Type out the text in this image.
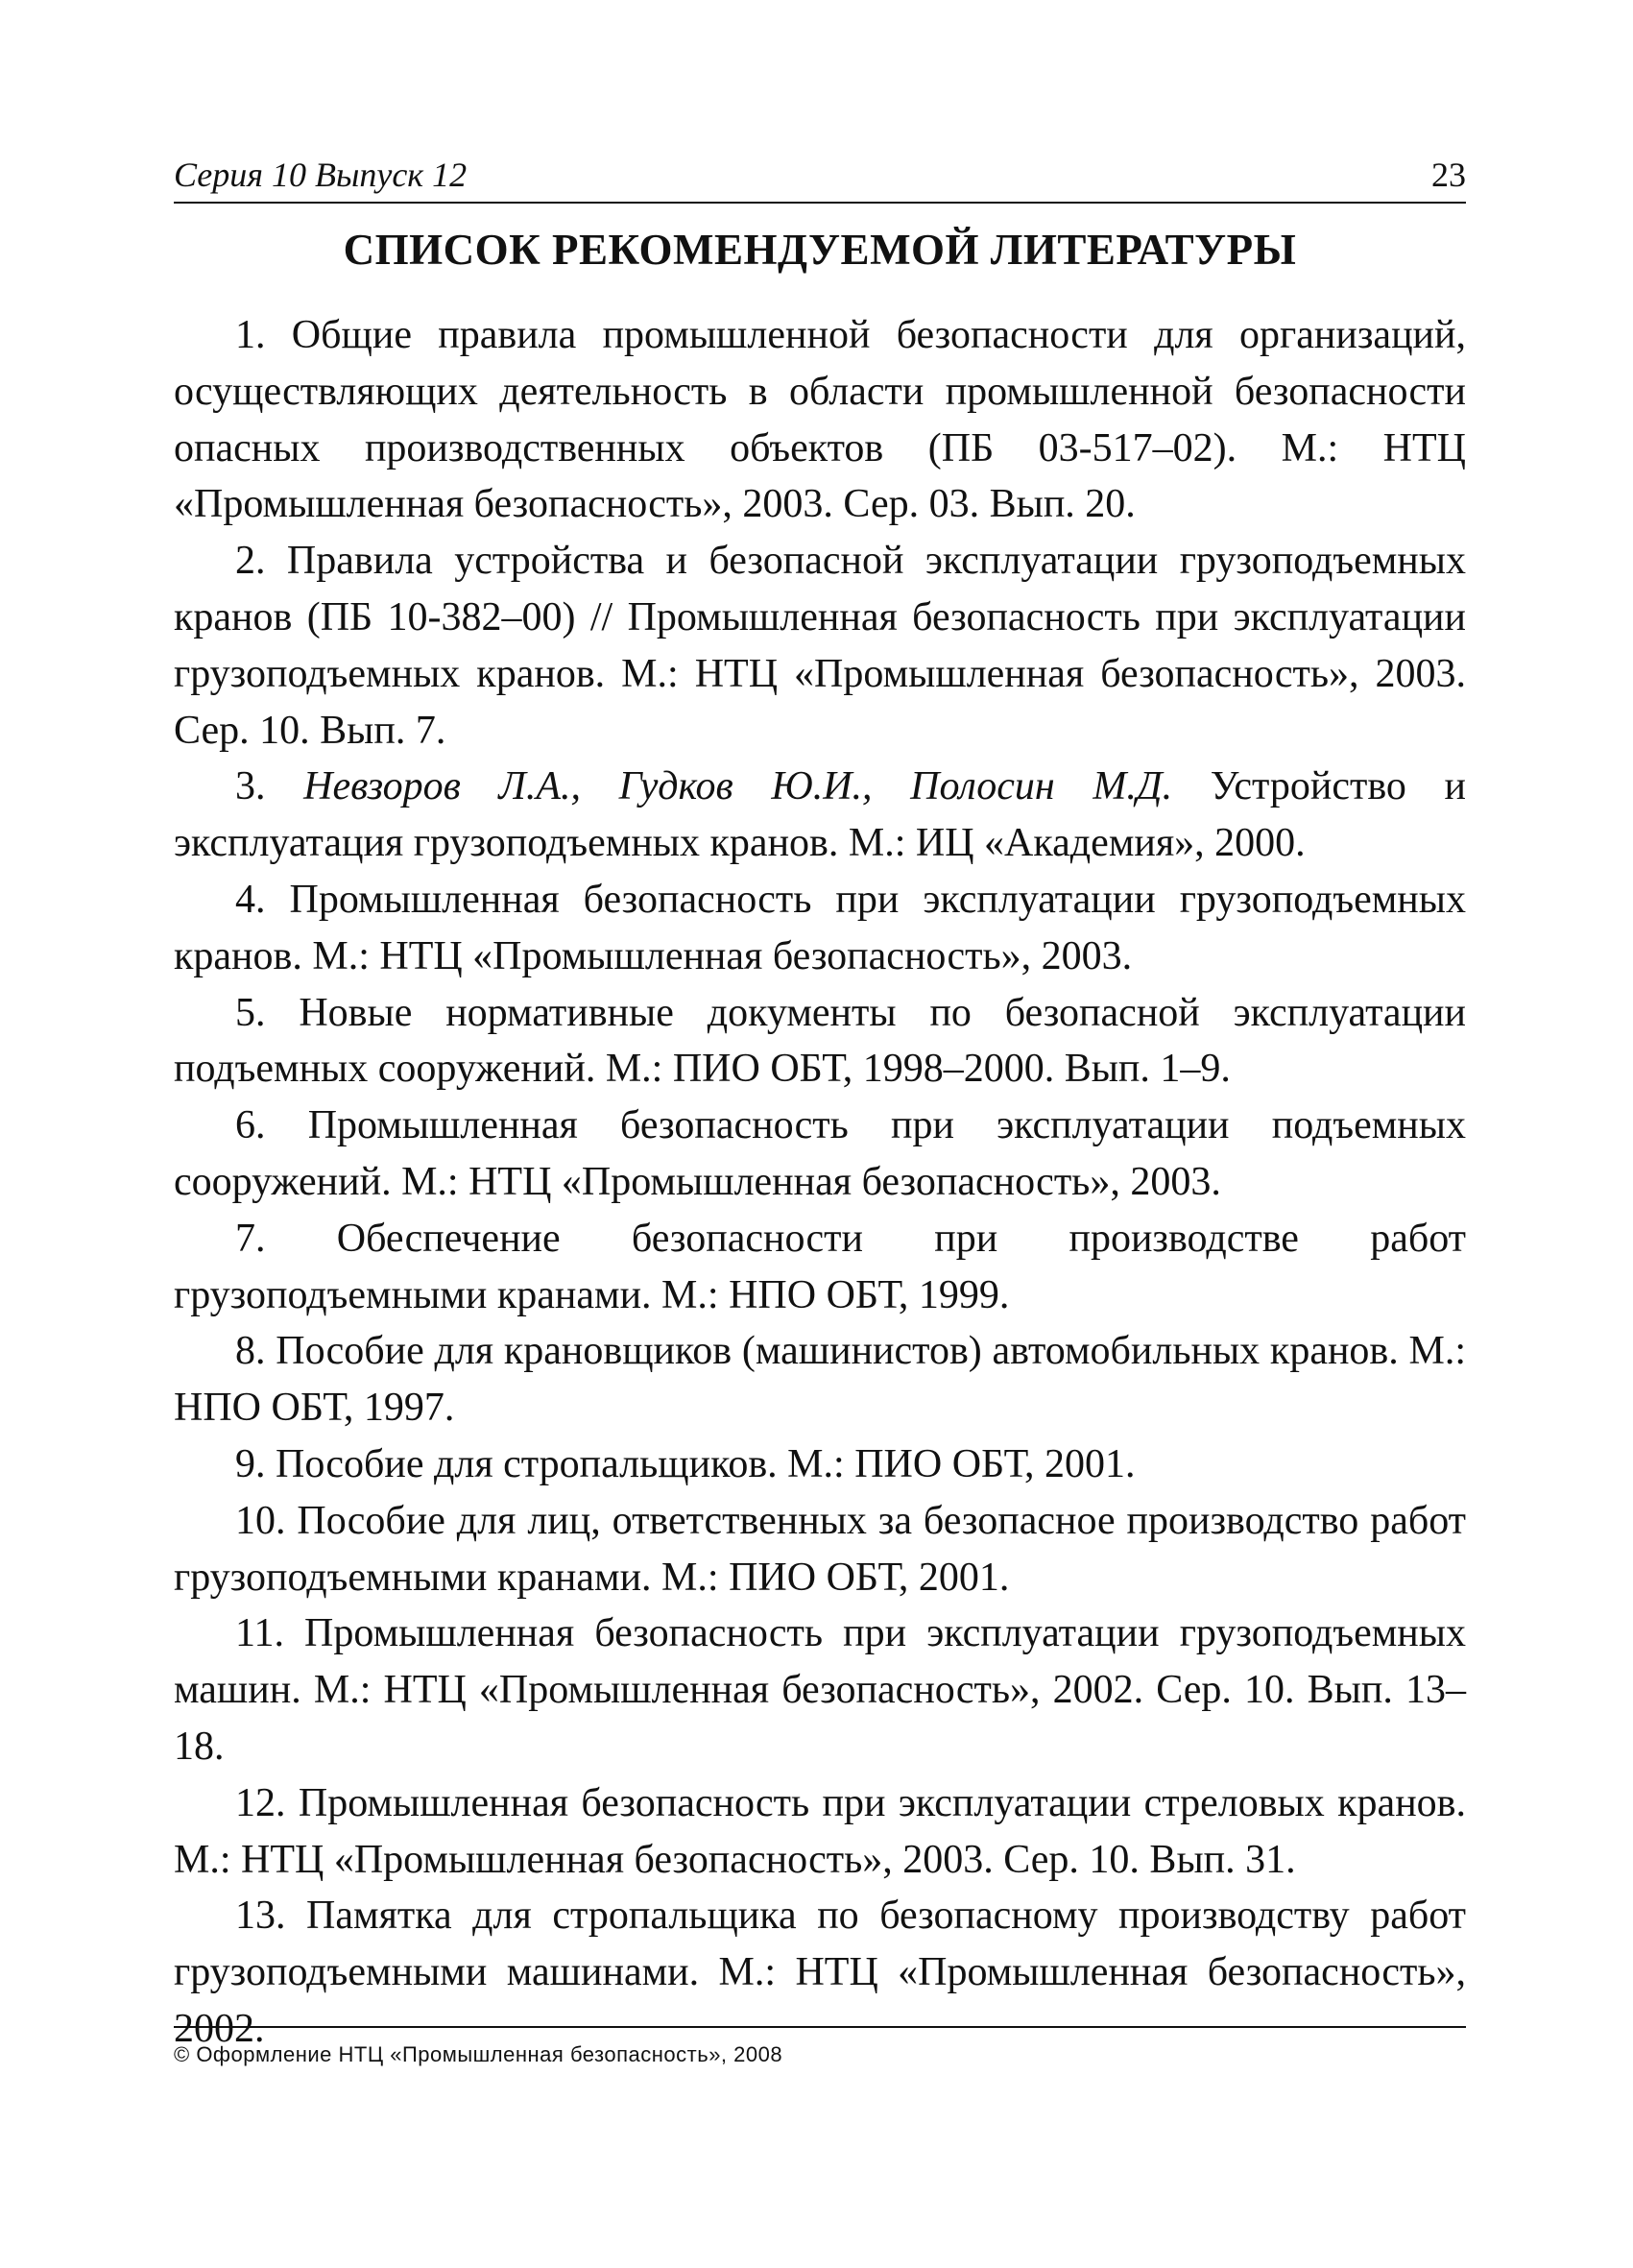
Серия 10 Выпуск 12	23
СПИСОК РЕКОМЕНДУЕМОЙ ЛИТЕРАТУРЫ
1. Общие правила промышленной безопасности для организаций, осуществляющих деятельность в области промышленной безопасности опасных производственных объектов (ПБ 03-517–02). М.: НТЦ «Промышленная безопасность», 2003. Сер. 03. Вып. 20.
2. Правила устройства и безопасной эксплуатации грузоподъемных кранов (ПБ 10-382–00) // Промышленная безопасность при эксплуатации грузоподъемных кранов. М.: НТЦ «Промышленная безопасность», 2003. Сер. 10. Вып. 7.
3. Невзоров Л.А., Гудков Ю.И., Полосин М.Д. Устройство и эксплуатация грузоподъемных кранов. М.: ИЦ «Академия», 2000.
4. Промышленная безопасность при эксплуатации грузоподъемных кранов. М.: НТЦ «Промышленная безопасность», 2003.
5. Новые нормативные документы по безопасной эксплуатации подъемных сооружений. М.: ПИО ОБТ, 1998–2000. Вып. 1–9.
6. Промышленная безопасность при эксплуатации подъемных сооружений. М.: НТЦ «Промышленная безопасность», 2003.
7. Обеспечение безопасности при производстве работ грузоподъемными кранами. М.: НПО ОБТ, 1999.
8. Пособие для крановщиков (машинистов) автомобильных кранов. М.: НПО ОБТ, 1997.
9. Пособие для стропальщиков. М.: ПИО ОБТ, 2001.
10. Пособие для лиц, ответственных за безопасное производство работ грузоподъемными кранами. М.: ПИО ОБТ, 2001.
11. Промышленная безопасность при эксплуатации грузоподъемных машин. М.: НТЦ «Промышленная безопасность», 2002. Сер. 10. Вып. 13–18.
12. Промышленная безопасность при эксплуатации стреловых кранов. М.: НТЦ «Промышленная безопасность», 2003. Сер. 10. Вып. 31.
13. Памятка для стропальщика по безопасному производству работ грузоподъемными машинами. М.: НТЦ «Промышленная безопасность», 2002.
© Оформление НТЦ «Промышленная безопасность», 2008
